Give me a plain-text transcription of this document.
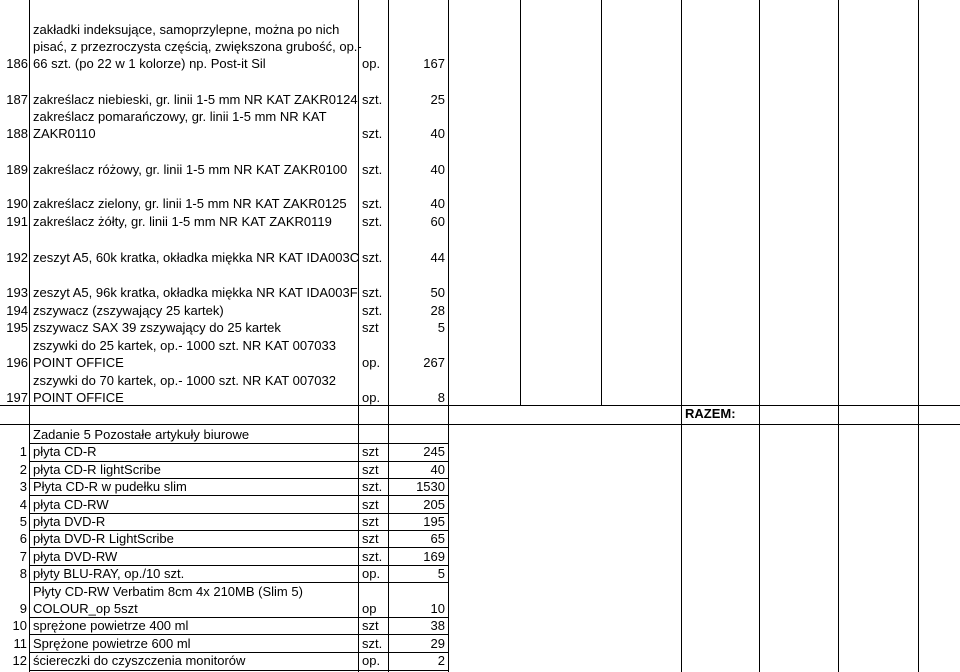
186
zakładki indeksujące, samoprzylepne, można po nich
pisać, z przezroczysta częścią, zwiększona grubość, op.-
66 szt. (po 22 w 1 kolorze) np. Post-it Sil	op.	167
187 zakreślacz niebieski, gr. linii 1-5 mm NR KAT ZAKR0124 szt.	25
188
zakreślacz pomarańczowy, gr. linii 1-5 mm NR KAT
ZAKR0110	szt.	40
189 zakreślacz różowy, gr. linii 1-5 mm NR KAT ZAKR0100 szt.	40
190 zakreślacz zielony, gr. linii 1-5 mm NR KAT ZAKR0125 szt.	40
191 zakreślacz żółty, gr. linii 1-5 mm NR KAT ZAKR0119 szt.	60
192 zeszyt A5, 60k kratka, okładka miękka NR KAT IDA003C szt.	44
193 zeszyt A5, 96k kratka, okładka miękka NR KAT IDA003F szt.	50
194 zszywacz (zszywający 25 kartek)	szt.	28
195 zszywacz SAX 39 zszywający do 25 kartek	szt	5
196
zszywki do 25 kartek, op.- 1000 szt. NR KAT 007033
POINT OFFICE	op.	267
197
zszywki do 70 kartek, op.- 1000 szt. NR KAT 007032
POINT OFFICE	op.	8
RAZEM:
Zadanie 5 Pozostałe artykuły biurowe
1 płyta CD-R	szt	245
2 płyta CD-R lightScribe	szt	40
3 Płyta CD-R w pudełku slim	szt.	1530
4 płyta CD-RW	szt	205
5 płyta DVD-R	szt	195
6 płyta DVD-R LightScribe	szt	65
7 płyta DVD-RW	szt.	169
8 płyty BLU-RAY, op./10 szt.	op.	5
9
Płyty CD-RW Verbatim 8cm 4x 210MB (Slim 5)
COLOUR_op 5szt	op	10
10 sprężone powietrze 400 ml	szt	38
11 Sprężone powietrze 600 ml	szt.	29
12 ściereczki do czyszczenia monitorów	op.	2
